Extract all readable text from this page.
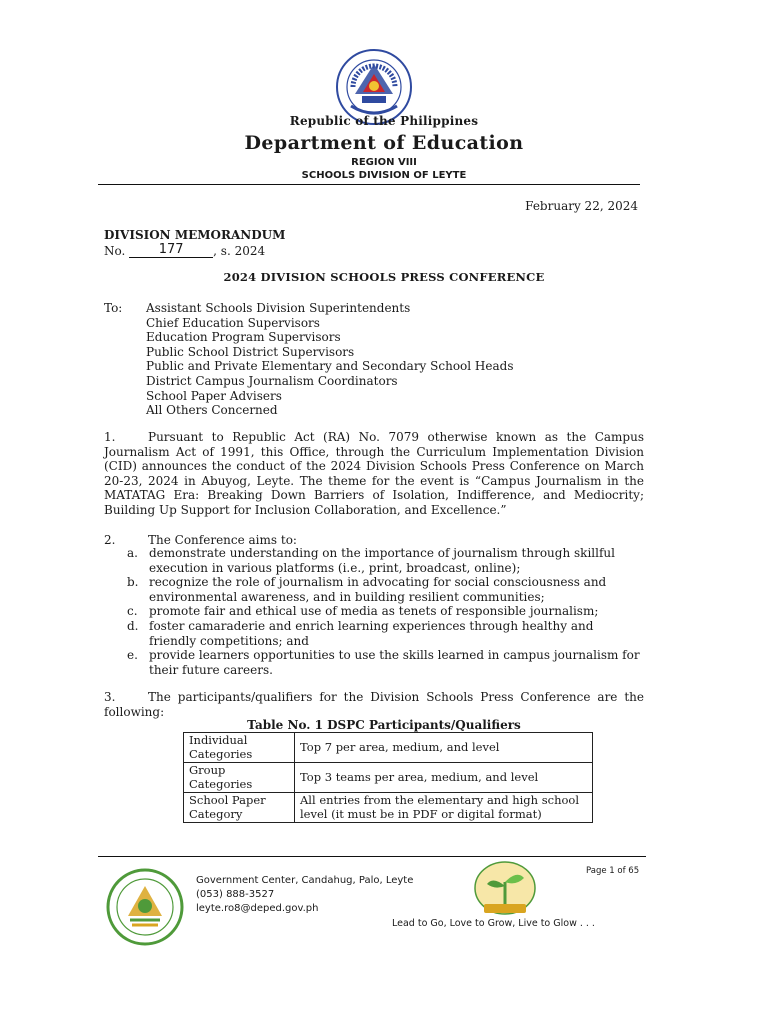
Republic of the Philippines
Department of Education
REGION VIII
SCHOOLS DIVISION OF LEYTE
February 22, 2024
DIVISION MEMORANDUM
No.	177 , s. 2024
2024 DIVISION SCHOOLS PRESS CONFERENCE
To: Assistant Schools Division Superintendents
Chief Education Supervisors
Education Program Supervisors
Public School District Supervisors
Public and Private Elementary and Secondary School Heads
District Campus Journalism Coordinators
School Paper Advisers
All Others Concerned
1.	Pursuant to Republic Act (RA) No. 7079 otherwise known as the Campus Journalism Act of 1991, this Office, through the Curriculum Implementation Division (CID) announces the conduct of the 2024 Division Schools Press Conference on March 20-23, 2024 in Abuyog, Leyte. The theme for the event is “Campus Journalism in the MATATAG Era: Breaking Down Barriers of Isolation, Indifference, and Mediocrity; Building Up Support for Inclusion Collaboration, and Excellence.”
2.	The Conference aims to:
a. demonstrate understanding on the importance of journalism through skillful execution in various platforms (i.e., print, broadcast, online);
b. recognize the role of journalism in advocating for social consciousness and environmental awareness, and in building resilient communities;
c. promote fair and ethical use of media as tenets of responsible journalism;
d. foster camaraderie and enrich learning experiences through healthy and friendly competitions; and
e. provide learners opportunities to use the skills learned in campus journalism for their future careers.
3.	The participants/qualifiers for the Division Schools Press Conference are the following:
Table No. 1 DSPC Participants/Qualifiers
Individual Categories	Top 7 per area, medium, and level
Group Categories	Top 3 teams per area, medium, and level
School Paper Category	All entries from the elementary and high school level (it must be in PDF or digital format)
Government Center, Candahug, Palo, Leyte
(053) 888-3527
leyte.ro8@deped.gov.ph
Page 1 of 65
Lead to Go, Love to Grow, Live to Glow . . .
